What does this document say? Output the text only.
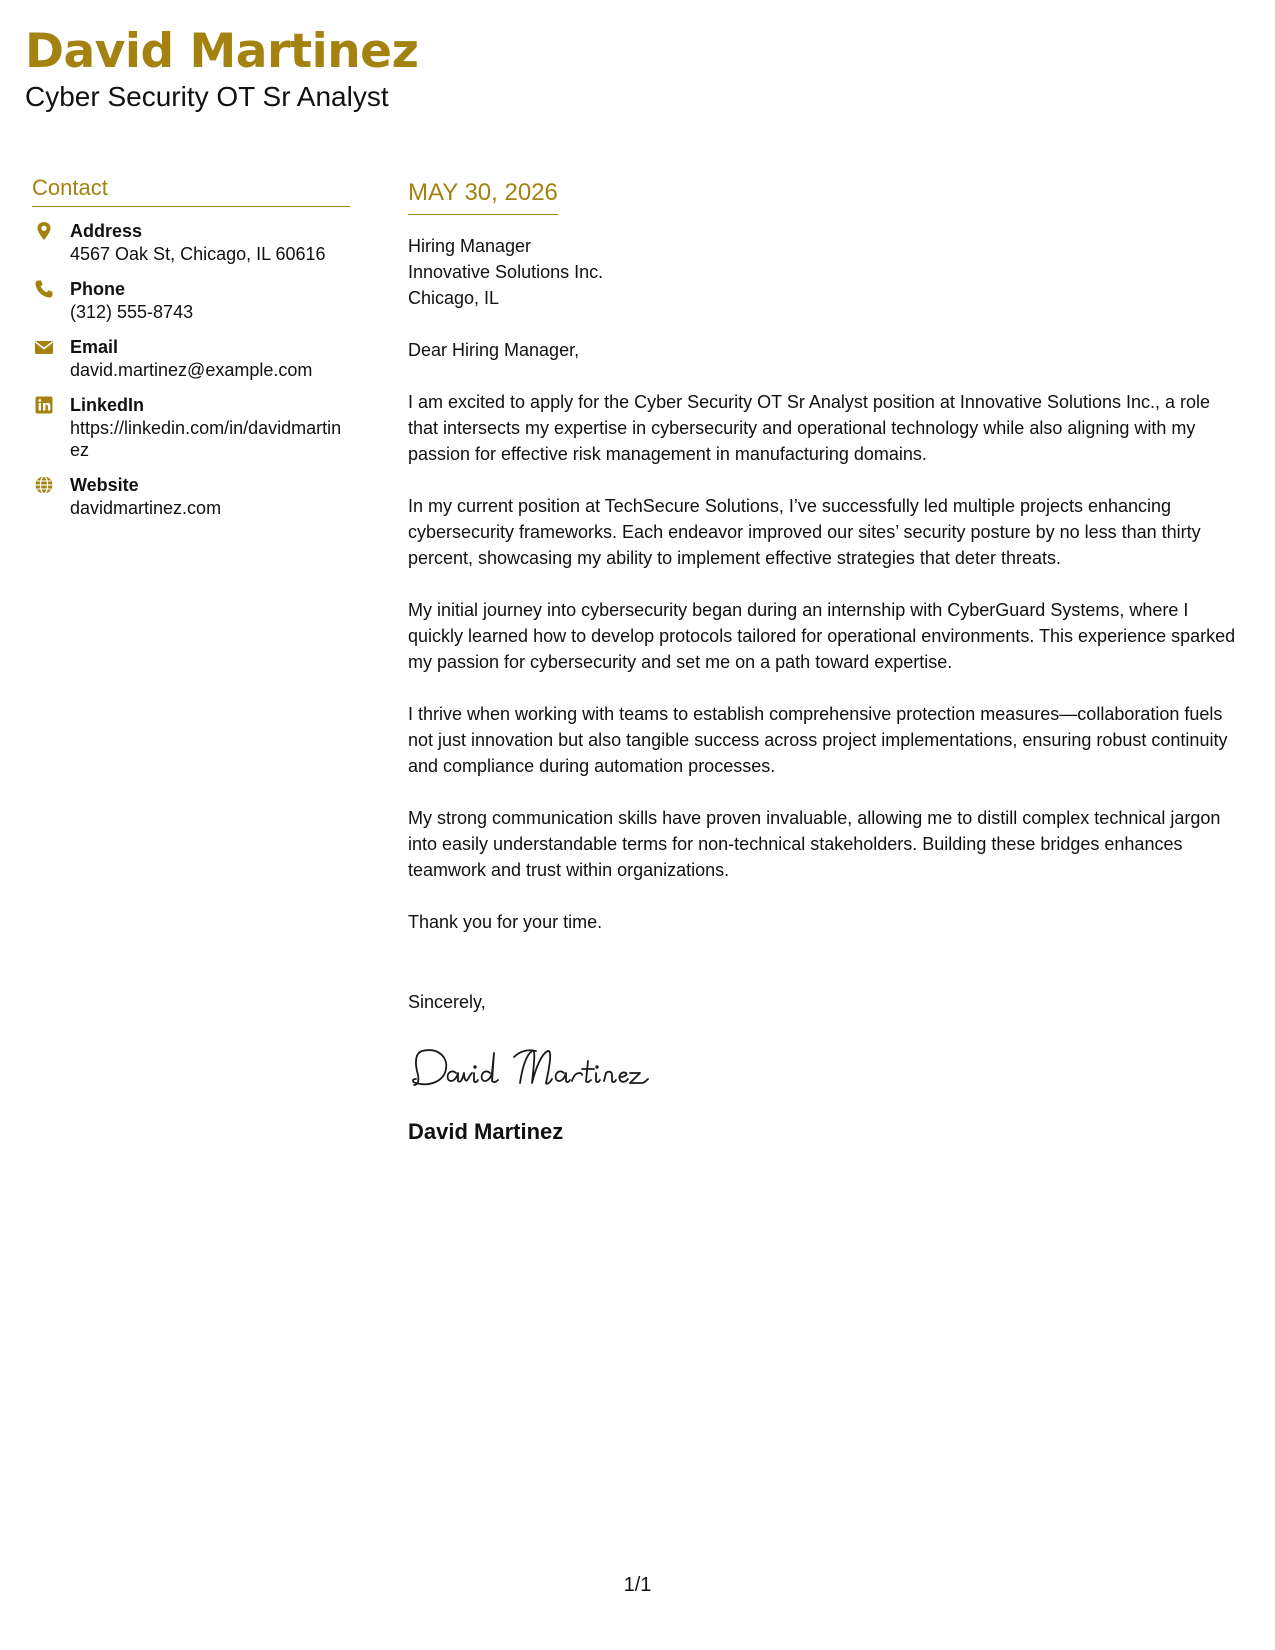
David Martinez
Cyber Security OT Sr Analyst
Contact
Address
4567 Oak St, Chicago, IL 60616
Phone
(312) 555-8743
Email
david.martinez@example.com
LinkedIn
https://linkedin.com/in/davidmartinez
Website
davidmartinez.com
MAY 30, 2026
Hiring Manager
Innovative Solutions Inc.
Chicago, IL
Dear Hiring Manager,
I am excited to apply for the Cyber Security OT Sr Analyst position at Innovative Solutions Inc., a role that intersects my expertise in cybersecurity and operational technology while also aligning with my passion for effective risk management in manufacturing domains.
In my current position at TechSecure Solutions, I’ve successfully led multiple projects enhancing cybersecurity frameworks. Each endeavor improved our sites’ security posture by no less than thirty percent, showcasing my ability to implement effective strategies that deter threats.
My initial journey into cybersecurity began during an internship with CyberGuard Systems, where I quickly learned how to develop protocols tailored for operational environments. This experience sparked my passion for cybersecurity and set me on a path toward expertise.
I thrive when working with teams to establish comprehensive protection measures—collaboration fuels not just innovation but also tangible success across project implementations, ensuring robust continuity and compliance during automation processes.
My strong communication skills have proven invaluable, allowing me to distill complex technical jargon into easily understandable terms for non-technical stakeholders. Building these bridges enhances teamwork and trust within organizations.
Thank you for your time.
Sincerely,
David Martinez
1/1
